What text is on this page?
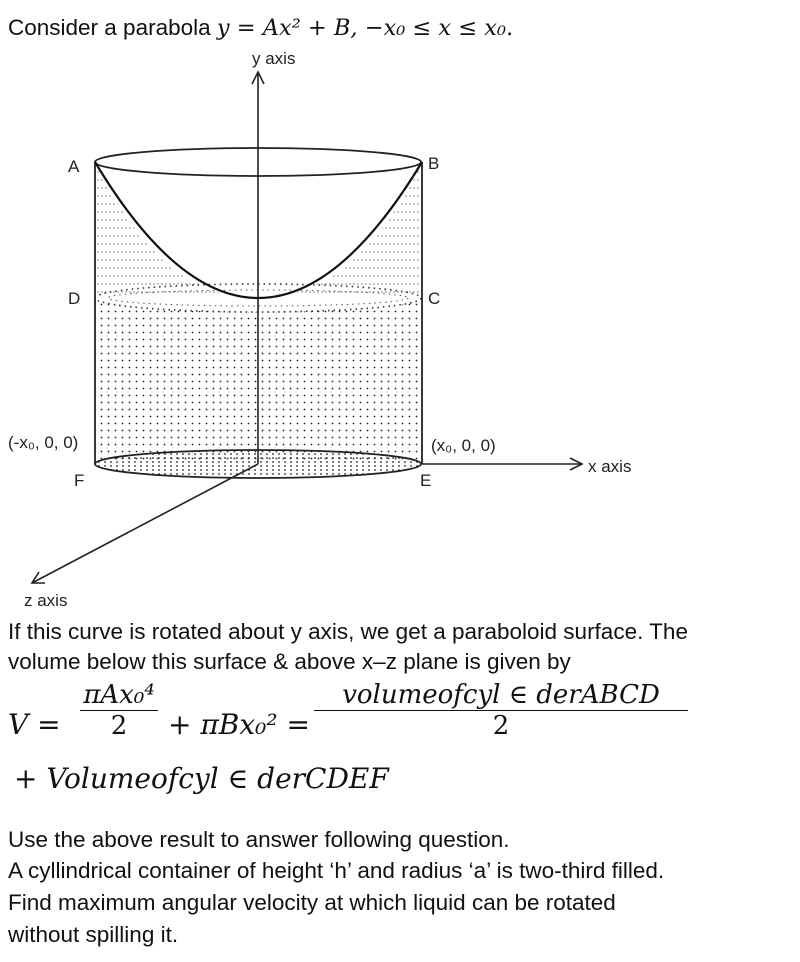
Consider a parabola y = Ax² + B, −x₀ ≤ x ≤ x₀.
y axis
x axis
z axis
A	B
C
D
E
F
(-x₀, 0, 0)	(x₀, 0, 0)
If this curve is rotated about y axis, we get a paraboloid surface. The
volume below this surface & above x–z plane is given by
V =
πAx₀⁴
2	+ πBx₀² =
volumeofcyl ∈ derABCD
2
+ Volumeofcyl ∈ derCDEF
Use the above result to answer following question.
A cyllindrical container of height ‘h’ and radius ‘a’ is two-third filled.
Find maximum angular velocity at which liquid can be rotated
without spilling it.
